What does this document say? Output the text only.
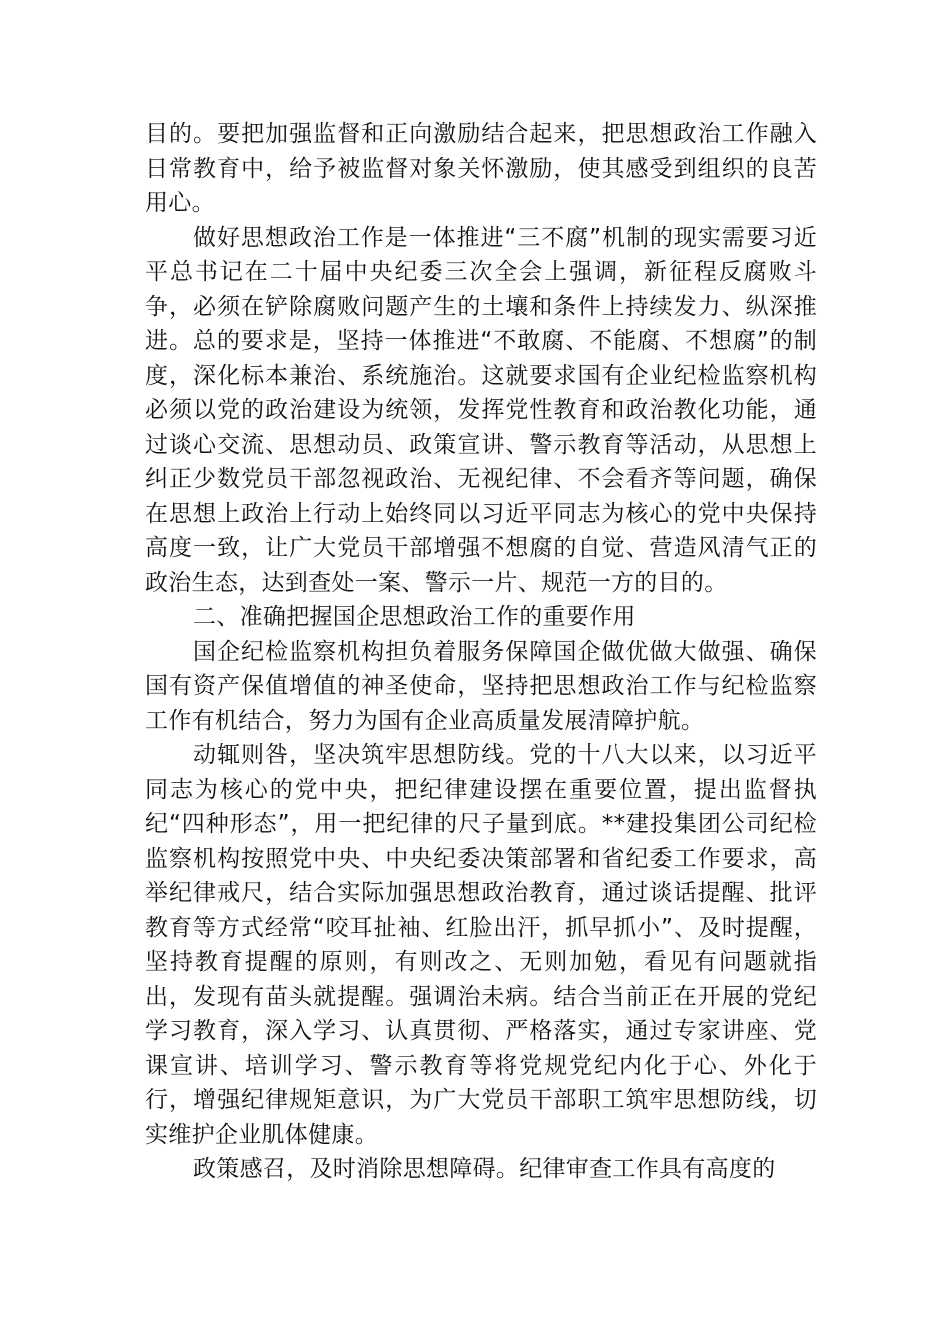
目的。要把加强监督和正向激励结合起来，把思想政治工作融入日常教育中，给予被监督对象关怀激励，使其感受到组织的良苦用心。

做好思想政治工作是一体推进“三不腐”机制的现实需要习近平总书记在二十届中央纪委三次全会上强调，新征程反腐败斗争，必须在铲除腐败问题产生的土壤和条件上持续发力、纵深推进。总的要求是，坚持一体推进“不敢腐、不能腐、不想腐”的制度，深化标本兼治、系统施治。这就要求国有企业纪检监察机构必须以党的政治建设为统领，发挥党性教育和政治教化功能，通过谈心交流、思想动员、政策宣讲、警示教育等活动，从思想上纠正少数党员干部忽视政治、无视纪律、不会看齐等问题，确保在思想上政治上行动上始终同以习近平同志为核心的党中央保持高度一致，让广大党员干部增强不想腐的自觉、营造风清气正的政治生态，达到查处一案、警示一片、规范一方的目的。

二、准确把握国企思想政治工作的重要作用

国企纪检监察机构担负着服务保障国企做优做大做强、确保国有资产保值增值的神圣使命，坚持把思想政治工作与纪检监察工作有机结合，努力为国有企业高质量发展清障护航。

动辄则咎，坚决筑牢思想防线。党的十八大以来，以习近平同志为核心的党中央，把纪律建设摆在重要位置，提出监督执纪“四种形态”，用一把纪律的尺子量到底。**建投集团公司纪检监察机构按照党中央、中央纪委决策部署和省纪委工作要求，高举纪律戒尺，结合实际加强思想政治教育，通过谈话提醒、批评教育等方式经常“咬耳扯袖、红脸出汗，抓早抓小”、及时提醒，坚持教育提醒的原则，有则改之、无则加勉，看见有问题就指出，发现有苗头就提醒。强调治未病。结合当前正在开展的党纪学习教育，深入学习、认真贯彻、严格落实，通过专家讲座、党课宣讲、培训学习、警示教育等将党规党纪内化于心、外化于行，增强纪律规矩意识，为广大党员干部职工筑牢思想防线，切实维护企业肌体健康。

政策感召，及时消除思想障碍。纪律审查工作具有高度的
